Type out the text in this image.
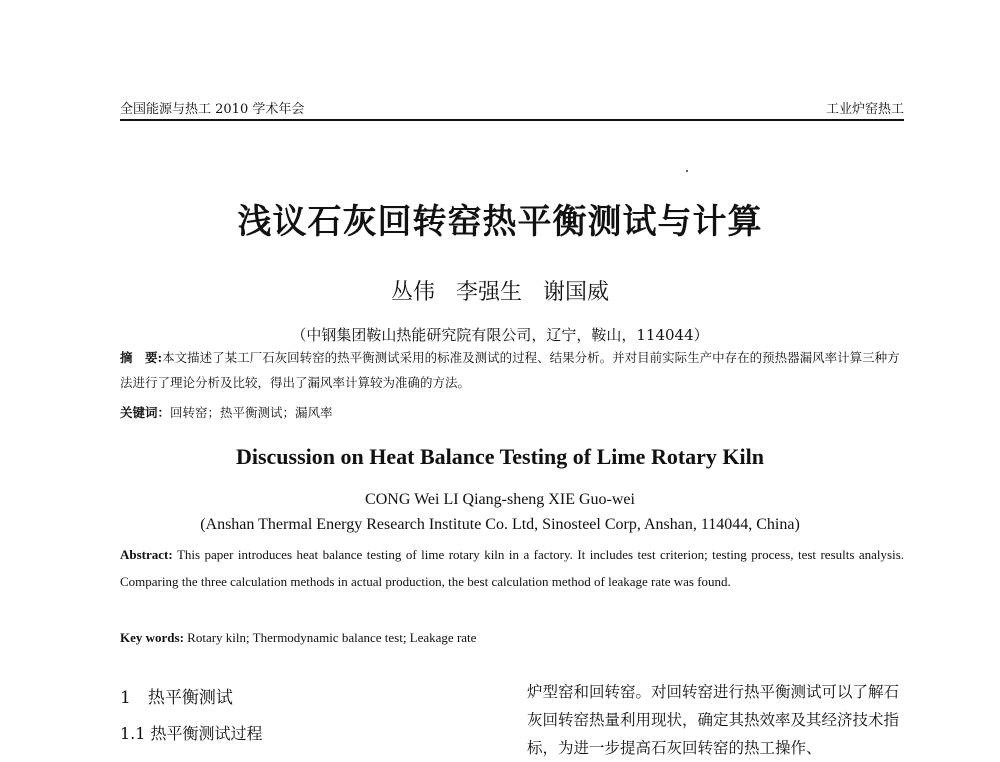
全国能源与热工 2010 学术年会	工业炉窑热工
浅议石灰回转窑热平衡测试与计算
丛伟 李强生 谢国威
（中钢集团鞍山热能研究院有限公司，辽宁，鞍山，114044）
摘　要:本文描述了某工厂石灰回转窑的热平衡测试采用的标准及测试的过程、结果分析。并对目前实际生产中存在的预热器漏风率计算三种方法进行了理论分析及比较，得出了漏风率计算较为准确的方法。
关键词：回转窑；热平衡测试；漏风率
Discussion on Heat Balance Testing of Lime Rotary Kiln
CONG Wei LI Qiang-sheng XIE Guo-wei
(Anshan Thermal Energy Research Institute Co. Ltd, Sinosteel Corp, Anshan, 114044, China)
Abstract: This paper introduces heat balance testing of lime rotary kiln in a factory. It includes test criterion; testing process, test results analysis. Comparing the three calculation methods in actual production, the best calculation method of leakage rate was found.
Key words: Rotary kiln; Thermodynamic balance test; Leakage rate
1　热平衡测试
1.1 热平衡测试过程
炉型窑和回转窑。对回转窑进行热平衡测试可以了解石灰回转窑热量利用现状，确定其热效率及其经济技术指标，为进一步提高石灰回转窑的热工操作、
